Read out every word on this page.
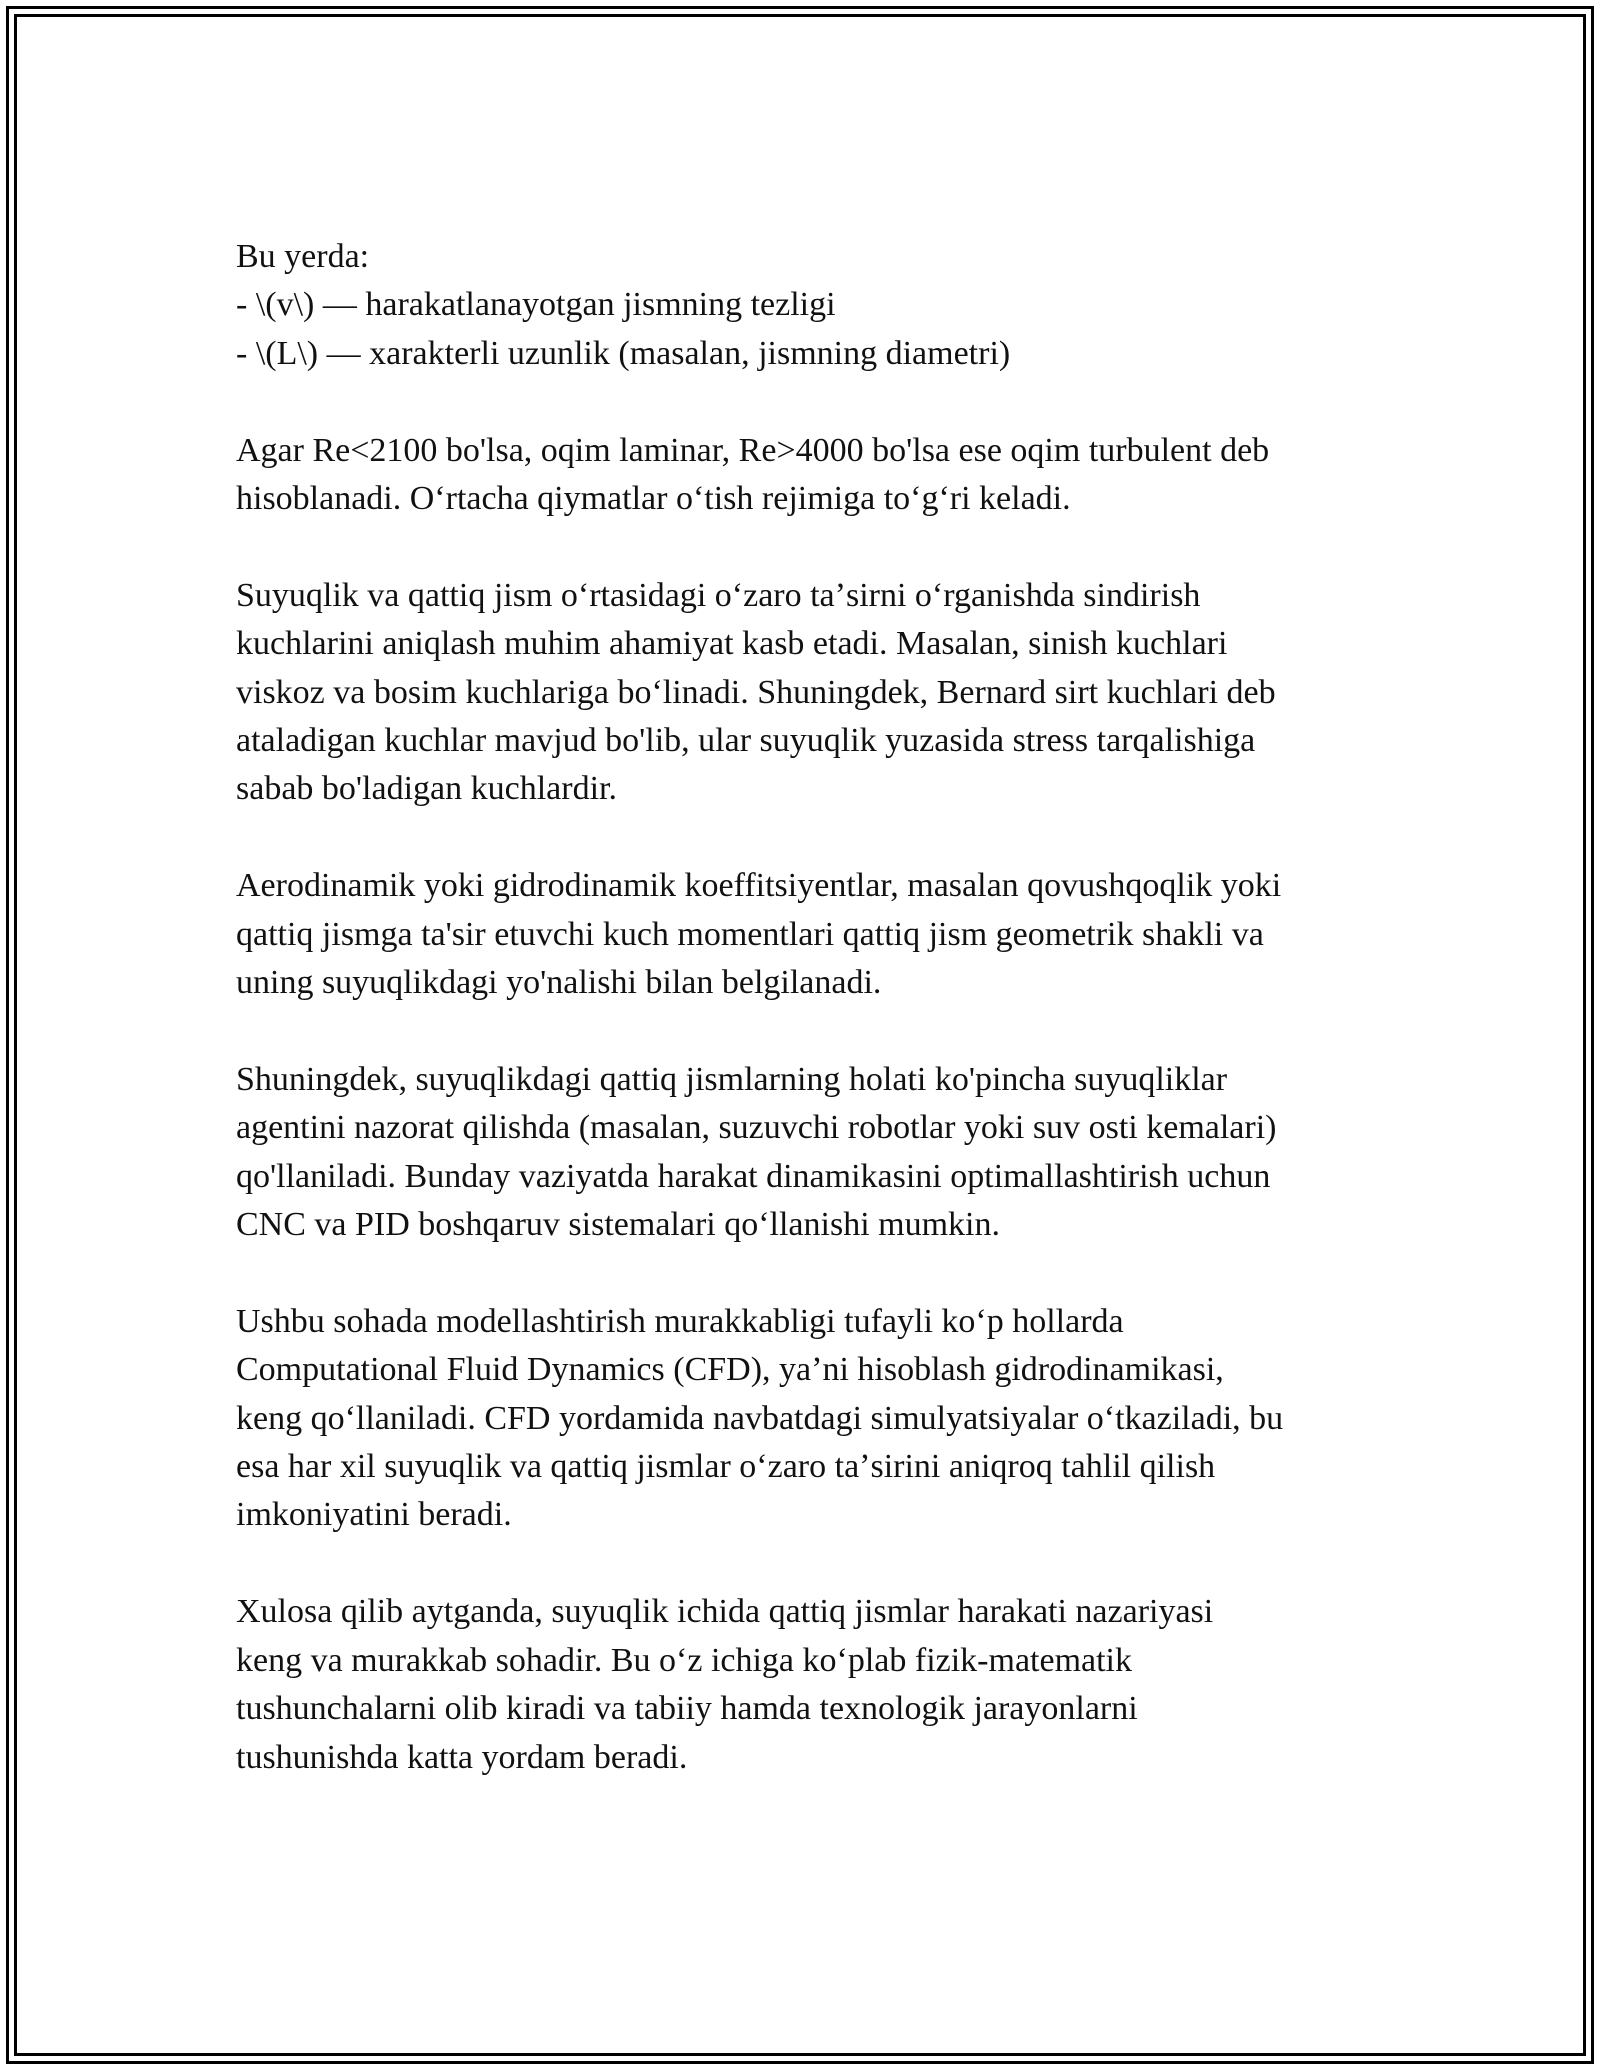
Bu yerda:
- \(v\) — harakatlanayotgan jismning tezligi
- \(L\) — xarakterli uzunlik (masalan, jismning diametri)

Agar Re<2100 bo'lsa, oqim laminar, Re>4000 bo'lsa ese oqim turbulent deb
hisoblanadi. Oʻrtacha qiymatlar oʻtish rejimiga toʻgʻri keladi.

Suyuqlik va qattiq jism oʻrtasidagi oʻzaro taʼsirni oʻrganishda sindirish
kuchlarini aniqlash muhim ahamiyat kasb etadi. Masalan, sinish kuchlari
viskoz va bosim kuchlariga boʻlinadi. Shuningdek, Bernard sirt kuchlari deb
ataladigan kuchlar mavjud bo'lib, ular suyuqlik yuzasida stress tarqalishiga
sabab bo'ladigan kuchlardir.

Aerodinamik yoki gidrodinamik koeffitsiyentlar, masalan qovushqoqlik yoki
qattiq jismga ta'sir etuvchi kuch momentlari qattiq jism geometrik shakli va
uning suyuqlikdagi yo'nalishi bilan belgilanadi.

Shuningdek, suyuqlikdagi qattiq jismlarning holati ko'pincha suyuqliklar
agentini nazorat qilishda (masalan, suzuvchi robotlar yoki suv osti kemalari)
qo'llaniladi. Bunday vaziyatda harakat dinamikasini optimallashtirish uchun
CNC va PID boshqaruv sistemalari qoʻllanishi mumkin.

Ushbu sohada modellashtirish murakkabligi tufayli koʻp hollarda
Computational Fluid Dynamics (CFD), yaʼni hisoblash gidrodinamikasi,
keng qoʻllaniladi. CFD yordamida navbatdagi simulyatsiyalar oʻtkaziladi, bu
esa har xil suyuqlik va qattiq jismlar oʻzaro taʼsirini aniqroq tahlil qilish
imkoniyatini beradi.

Xulosa qilib aytganda, suyuqlik ichida qattiq jismlar harakati nazariyasi
keng va murakkab sohadir. Bu oʻz ichiga koʻplab fizik-matematik
tushunchalarni olib kiradi va tabiiy hamda texnologik jarayonlarni
tushunishda katta yordam beradi.
